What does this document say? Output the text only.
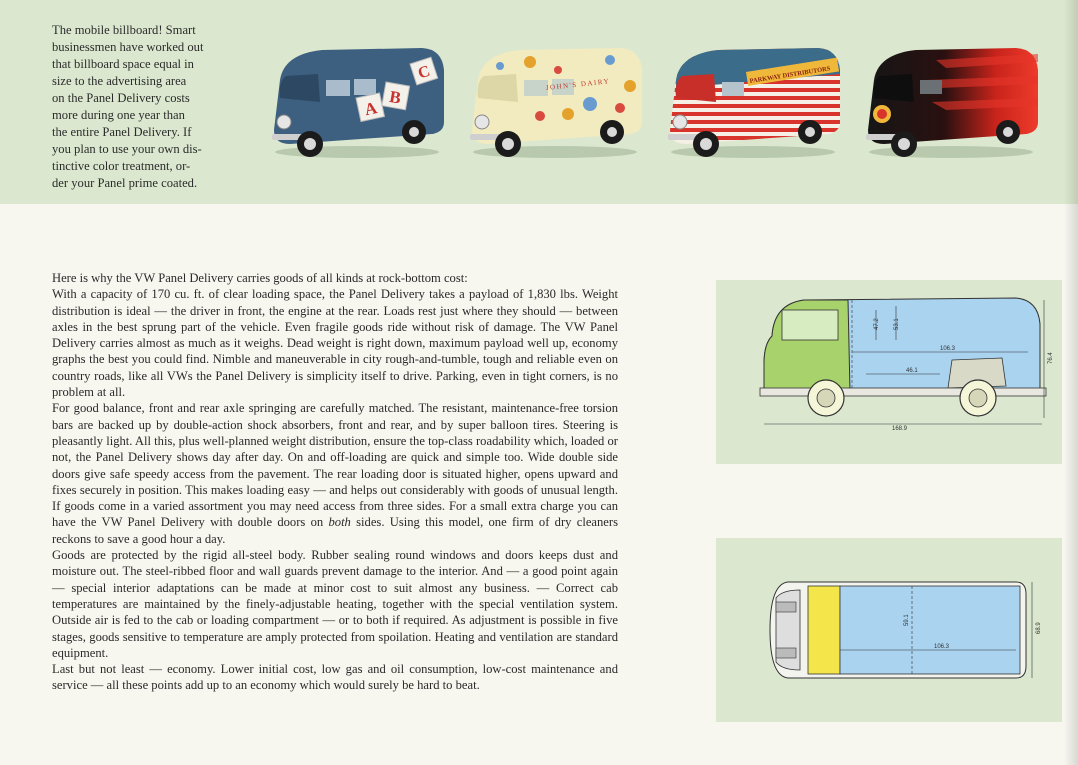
The mobile billboard! Smart
businessmen have worked out
that billboard space equal in
size to the advertising area
on the Panel Delivery costs
more during one year than
the entire Panel Delivery. If
you plan to use your own dis-
tinctive color treatment, or-
der your Panel prime coated.
A
B
C
JOHN'S DAIRY	PARKWAY DISTRIBUTORS

Here is why the VW Panel Delivery carries goods of all kinds at rock-bottom cost:

With a capacity of 170 cu. ft. of clear loading space, the Panel Delivery takes a payload of 1,830 lbs. Weight distribution is ideal — the driver in front, the engine at the rear. Loads rest just where they should — between axles in the best sprung part of the vehicle. Even fragile goods ride without risk of damage. The VW Panel Delivery carries almost as much as it weighs. Dead weight is right down, maximum payload well up, economy graphs the best you could find. Nimble and maneuverable in city rough-and-tumble, tough and reliable even on country roads, like all VWs the Panel Delivery is simplicity itself to drive. Parking, even in tight corners, is no problem at all.

For good balance, front and rear axle springing are carefully matched. The resistant, maintenance-free torsion bars are backed up by double-action shock absorbers, front and rear, and by super balloon tires. Steering is pleasantly light. All this, plus well-planned weight distribution, ensure the top-class roadability which, loaded or not, the Panel Delivery shows day after day. On and off-loading are quick and simple too. Wide double side doors give safe speedy access from the pavement. The rear loading door is situated higher, opens upward and fixes securely in position. This makes loading easy — and helps out considerably with goods of unusual length. If goods come in a varied assortment you may need access from three sides. For a small extra charge you can have the VW Panel Delivery with double doors on both sides. Using this model, one firm of dry cleaners reckons to save a good hour a day.

Goods are protected by the rigid all-steel body. Rubber sealing round windows and doors keeps dust and moisture out. The steel-ribbed floor and wall guards prevent damage to the interior. And — a good point again — special interior adaptations can be made at minor cost to suit almost any business. — Correct cab temperatures are maintained by the finely-adjustable heating, together with the special ventilation system. Outside air is fed to the cab or loading compartment — or to both if required. As adjustment is possible in five stages, goods sensitive to temperature are amply protected from spoilation. Heating and ventilation are standard equipment.

Last but not least — economy. Lower initial cost, low gas and oil consumption, low-cost maintenance and service — all these points add up to an economy which would surely be hard to beat.

47.2 53.1
106.3
46.1
76.4
168.9
59.1
106.3
68.9
